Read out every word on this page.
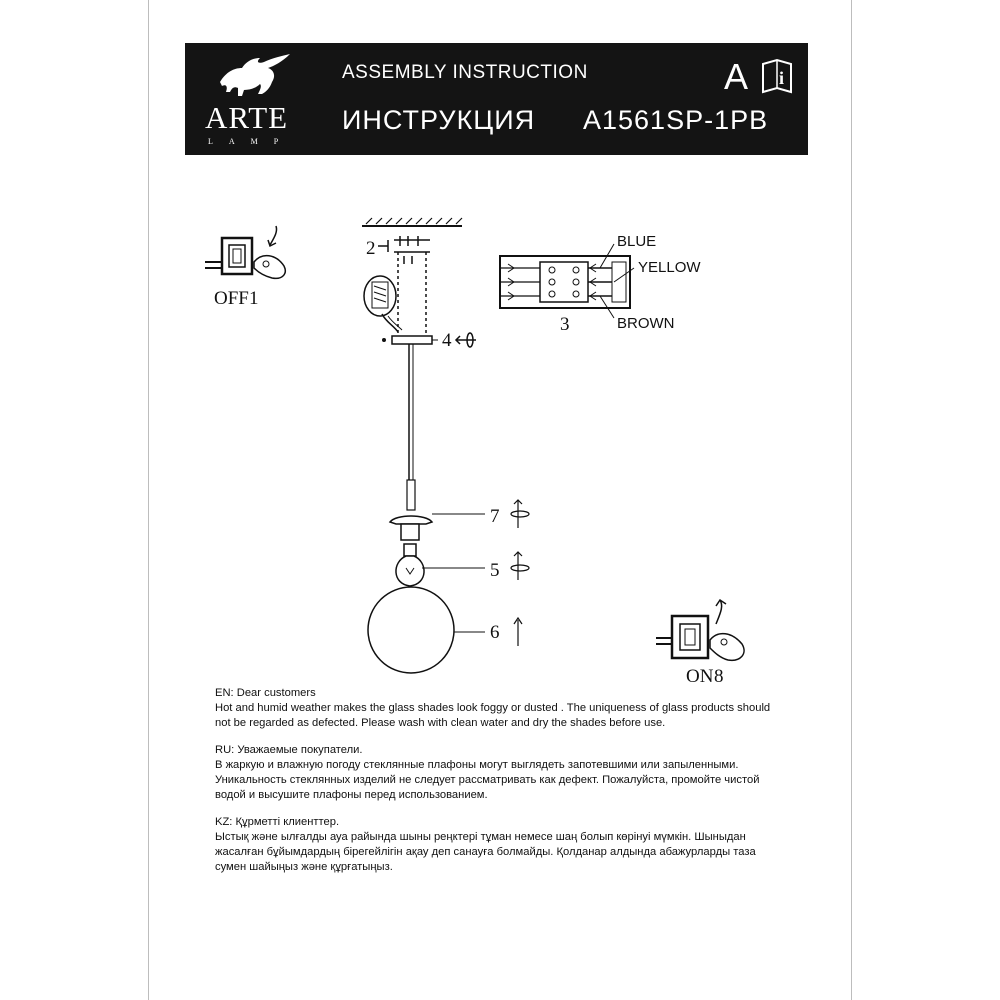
ARTE
LAMP
ASSEMBLY INSTRUCTION
ИНСТРУКЦИЯ A1561SP-1PB
A i
OFF 1
2
4
BLUE
YELLOW
BROWN
3
7
5
6
ON 8

EN: Dear customers

Hot and humid weather makes the glass shades look foggy or dusted . The uniqueness of glass products should

not be regarded as defected. Please wash with clean water and dry the shades before use.

RU: Уважаемые покупатели.

В жаркую и влажную погоду стеклянные плафоны могут выглядеть запотевшими или запыленными.

Уникальность стеклянных изделий не следует рассматривать как дефект. Пожалуйста, промойте чистой

водой и высушите плафоны перед использованием.

KZ: Құрметті клиенттер.

Ыстық және ылғалды ауа райында шыны реңктері тұман немесе шаң болып көрінуі мүмкін. Шыныдан

жасалған бұйымдардың бірегейлігін ақау деп санауға болмайды. Қолданар алдында абажурларды таза

сумен шайыңыз және құрғатыңыз.
